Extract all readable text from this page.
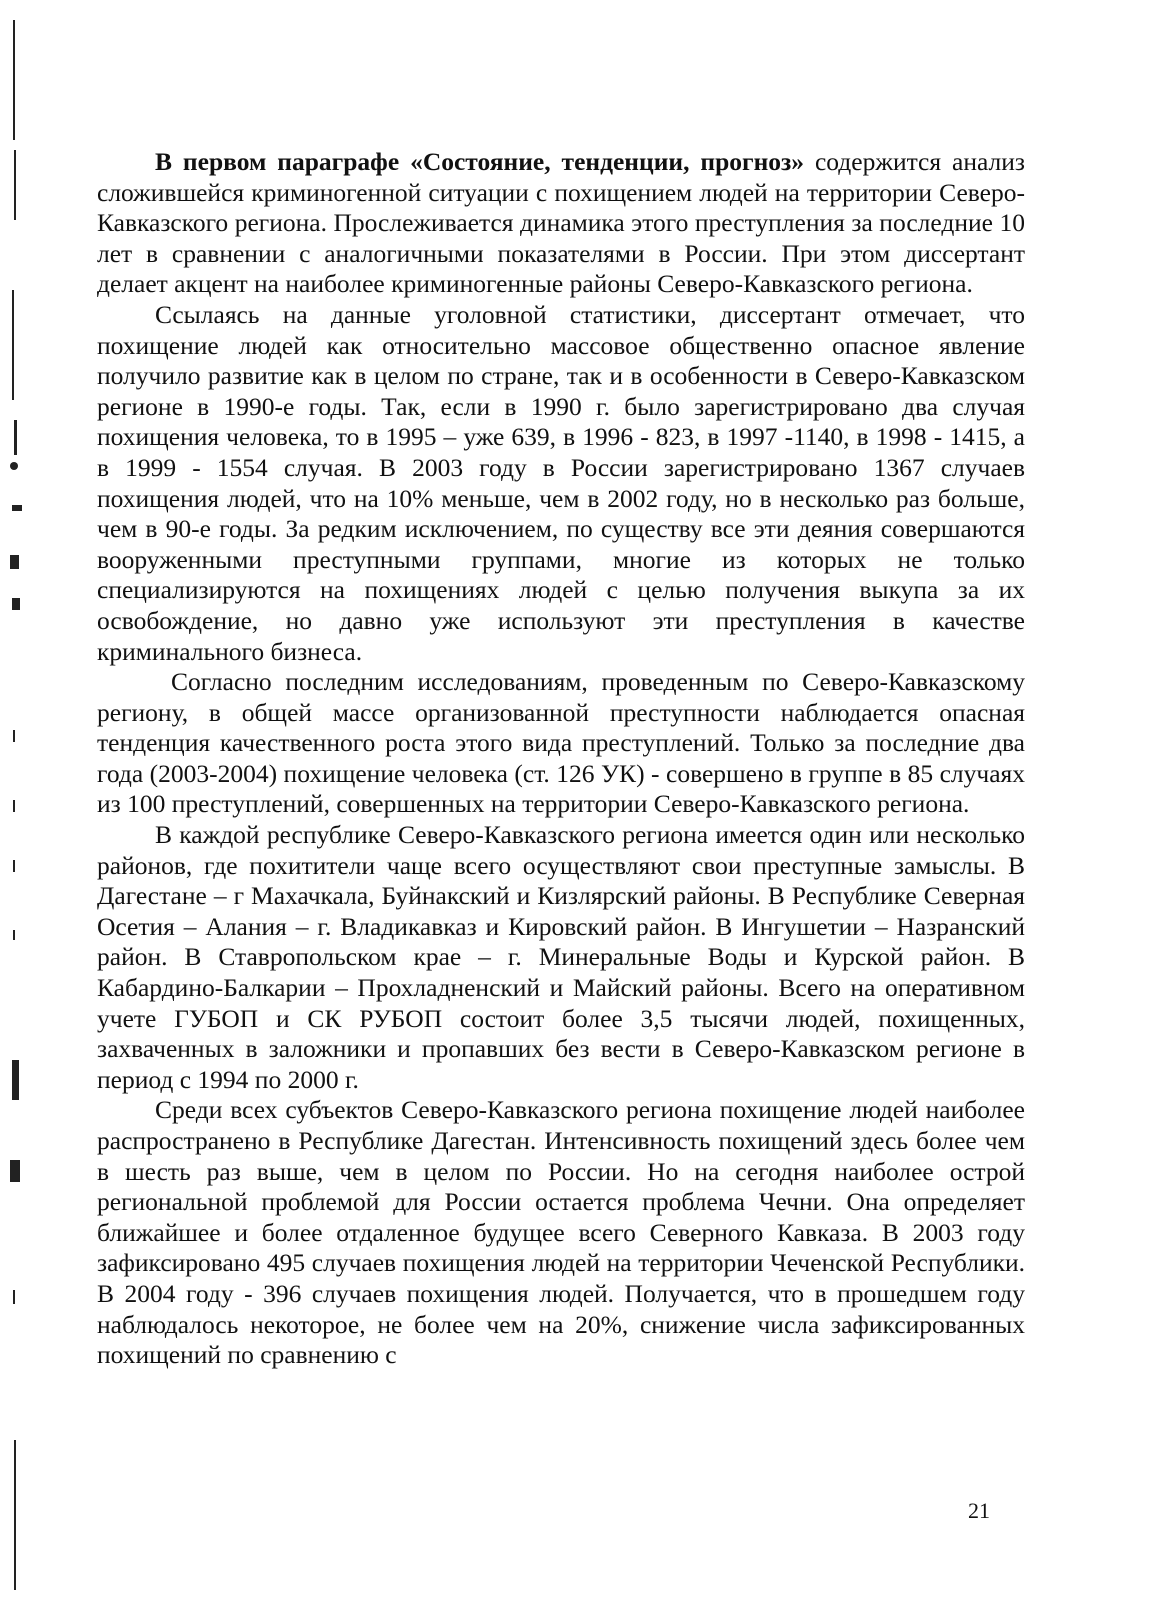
В первом параграфе «Состояние, тенденции, прогноз» содержится анализ сложившейся криминогенной ситуации с похищением людей на территории Северо-Кавказского региона. Прослеживается динамика этого преступления за последние 10 лет в сравнении с аналогичными показателями в России. При этом диссертант делает акцент на наиболее криминогенные районы Северо-Кавказского региона.

Ссылаясь на данные уголовной статистики, диссертант отмечает, что похищение людей как относительно массовое общественно опасное явление получило развитие как в целом по стране, так и в особенности в Северо-Кавказском регионе в 1990-е годы. Так, если в 1990 г. было зарегистрировано два случая похищения человека, то в 1995 – уже 639, в 1996 - 823, в 1997 -1140, в 1998 - 1415, а в 1999 - 1554 случая. В 2003 году в России зарегистрировано 1367 случаев похищения людей, что на 10% меньше, чем в 2002 году, но в несколько раз больше, чем в 90-е годы. За редким исключением, по существу все эти деяния совершаются вооруженными преступными группами, многие из которых не только специализируются на похищениях людей с целью получения выкупа за их освобождение, но давно уже используют эти преступления в качестве криминального бизнеса.

Согласно последним исследованиям, проведенным по Северо-Кавказскому региону, в общей массе организованной преступности наблюдается опасная тенденция качественного роста этого вида преступлений. Только за последние два года (2003-2004) похищение человека (ст. 126 УК) - совершено в группе в 85 случаях из 100 преступлений, совершенных на территории Северо-Кавказского региона.

В каждой республике Северо-Кавказского региона имеется один или несколько районов, где похитители чаще всего осуществляют свои преступные замыслы. В Дагестане – г Махачкала, Буйнакский и Кизлярский районы. В Республике Северная Осетия – Алания – г. Владикавказ и Кировский район. В Ингушетии – Назранский район. В Ставропольском крае – г. Минеральные Воды и Курской район. В Кабардино-Балкарии – Прохладненский и Майский районы. Всего на оперативном учете ГУБОП и СК РУБОП состоит более 3,5 тысячи людей, похищенных, захваченных в заложники и пропавших без вести в Северо-Кавказском регионе в период с 1994 по 2000 г.

Среди всех субъектов Северо-Кавказского региона похищение людей наиболее распространено в Республике Дагестан. Интенсивность похищений здесь более чем в шесть раз выше, чем в целом по России. Но на сегодня наиболее острой региональной проблемой для России остается проблема Чечни. Она определяет ближайшее и более отдаленное будущее всего Северного Кавказа. В 2003 году зафиксировано 495 случаев похищения людей на территории Чеченской Республики. В 2004 году - 396 случаев похищения людей. Получается, что в прошедшем году наблюдалось некоторое, не более чем на 20%, снижение числа зафиксированных похищений по сравнению с

21
